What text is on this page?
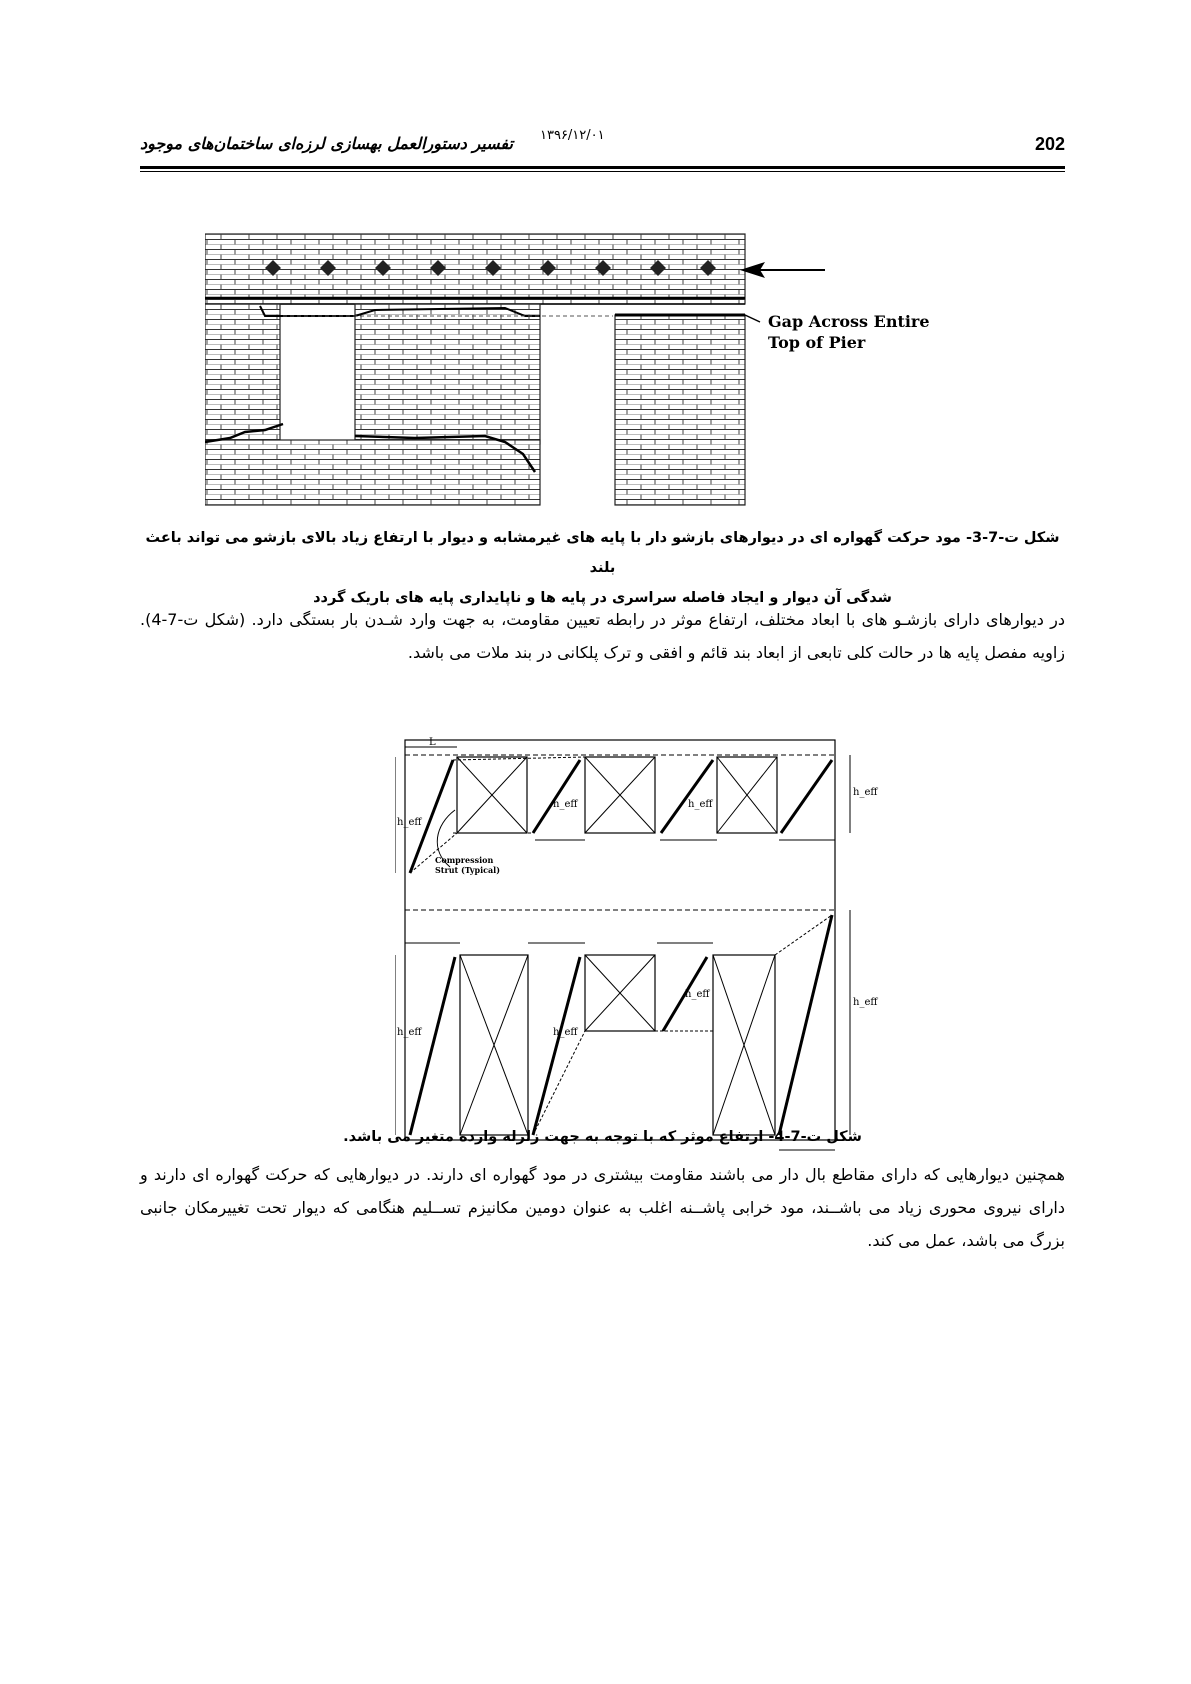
تفسیر دستورالعمل بهسازی لرزه‌ای ساختمان‌های موجود ۱۳۹۶/۱۲/۰۱	202
Gap Across Entire
Top of Pier
شکل ت-7-3- مود حرکت گهواره ای در دیوارهای بازشو دار با پایه های غیرمشابه و دیوار با ارتفاع زیاد بالای بازشو می تواند باعث بلند
شدگی آن دیوار و ایجاد فاصله سراسری در پایه ها و ناپایداری پایه های باریک گردد
در دیوارهای دارای بازشـو های با ابعاد مختلف، ارتفاع موثر در رابطه تعیین مقاومت، به جهت وارد شـدن بار بستگی دارد. (شکل ت-7-4). زاویه مفصل پایه ها در حالت کلی تابعی از ابعاد بند قائم و افقی و ترک پلکانی در بند ملات می باشد.
L
h_eff
h_eff	h_eff
h_eff
h_eff	h_eff
h_eff
h_eff
Compression
Strut (Typical)
شکل ت-7-4- ارتفاع موثر که با توجه به جهت زلزله وارده متغیر می باشد.
همچنین دیوارهایی که دارای مقاطع بال دار می باشند مقاومت بیشتری در مود گهواره ای دارند. در دیوارهایی که حرکت گهواره ای دارند و دارای نیروی محوری زیاد می باشــند، مود خرابی پاشــنه اغلب به عنوان دومین مکانیزم تســلیم هنگامی که دیوار تحت تغییرمکان جانبی بزرگ می باشد، عمل می کند.
